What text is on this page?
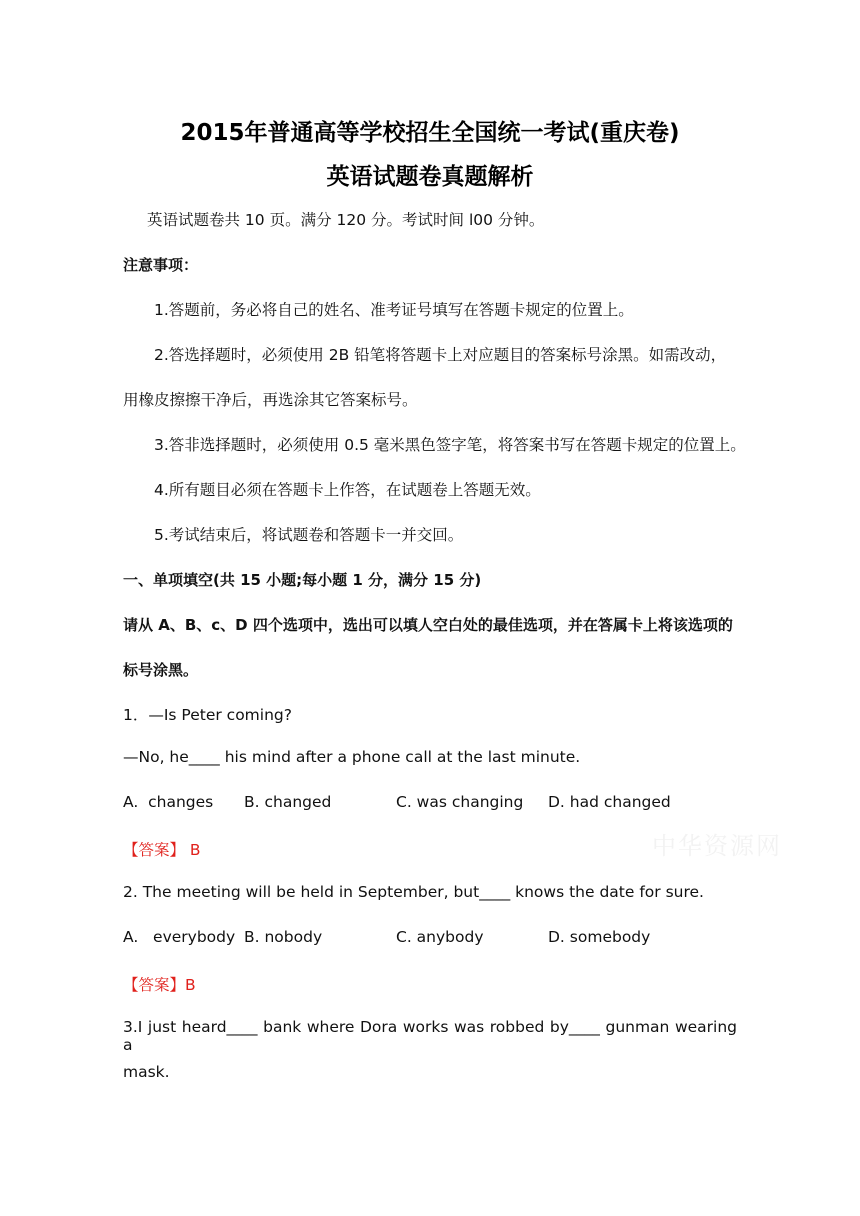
2015年普通高等学校招生全国统一考试(重庆卷)
英语试题卷真题解析
英语试题卷共 10 页。满分 120 分。考试时间 l00 分钟。
注意事项：
1.答题前，务必将自己的姓名、准考证号填写在答题卡规定的位置上。
2.答选择题时，必须使用 2B 铅笔将答题卡上对应题目的答案标号涂黑。如需改动，
用橡皮擦擦干净后，再选涂其它答案标号。
3.答非选择题时，必须使用 0.5 毫米黑色签字笔，将答案书写在答题卡规定的位置上。
4.所有题目必须在答题卡上作答，在试题卷上答题无效。
5.考试结束后，将试题卷和答题卡一并交回。
一、单项填空(共 15 小题;每小题 1 分，满分 15 分)
请从 A、B、c、D 四个选项中，选出可以填人空白处的最佳选项，并在答属卡上将该选项的
标号涂黑。
1．—Is Peter coming?
—No, he____ his mind after a phone call at the last minute.
A.  changes B. changed	C. was changing D. had changed
【答案】 B	中华资源网
2. The meeting will be held in September, but____ knows the date for sure.
A.   everybody B. nobody	C. anybody	D. somebody
【答案】B
3.I just heard____ bank where Dora works was robbed by____ gunman wearing a
mask.
